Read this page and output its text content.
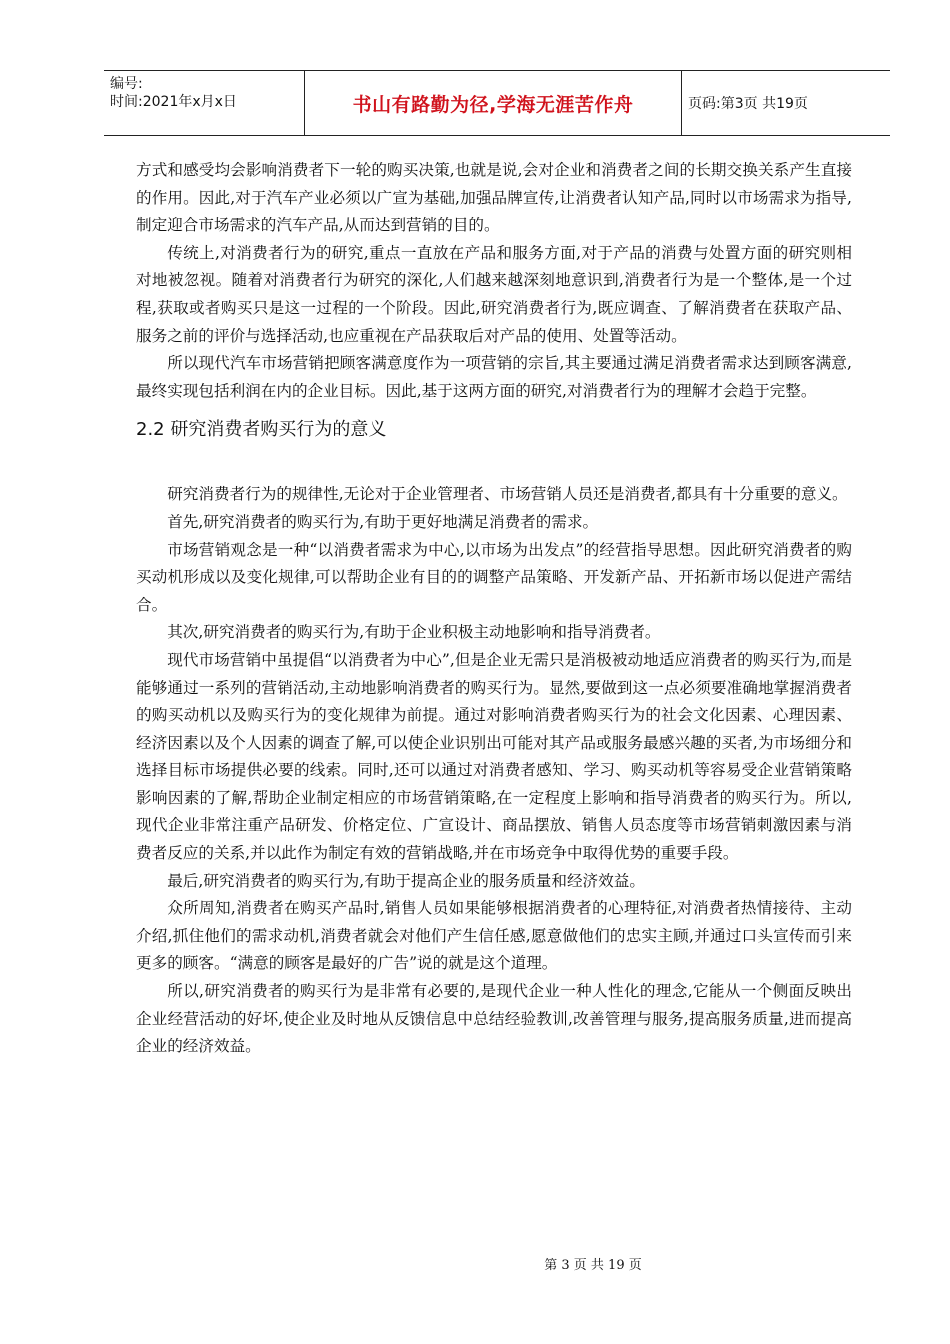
编号:
时间:2021年x月x日	书山有路勤为径,学海无涯苦作舟	页码:第3页 共19页

方式和感受均会影响消费者下一轮的购买决策,也就是说,会对企业和消费者之间的长期交换关系产生直接的作用。因此,对于汽车产业必须以广宣为基础,加强品牌宣传,让消费者认知产品,同时以市场需求为指导,制定迎合市场需求的汽车产品,从而达到营销的目的。

传统上,对消费者行为的研究,重点一直放在产品和服务方面,对于产品的消费与处置方面的研究则相对地被忽视。随着对消费者行为研究的深化,人们越来越深刻地意识到,消费者行为是一个整体,是一个过程,获取或者购买只是这一过程的一个阶段。因此,研究消费者行为,既应调查、了解消费者在获取产品、服务之前的评价与选择活动,也应重视在产品获取后对产品的使用、处置等活动。

所以现代汽车市场营销把顾客满意度作为一项营销的宗旨,其主要通过满足消费者需求达到顾客满意,最终实现包括利润在内的企业目标。因此,基于这两方面的研究,对消费者行为的理解才会趋于完整。

2.2 研究消费者购买行为的意义

研究消费者行为的规律性,无论对于企业管理者、市场营销人员还是消费者,都具有十分重要的意义。

首先,研究消费者的购买行为,有助于更好地满足消费者的需求。

市场营销观念是一种“以消费者需求为中心,以市场为出发点”的经营指导思想。因此研究消费者的购买动机形成以及变化规律,可以帮助企业有目的的调整产品策略、开发新产品、开拓新市场以促进产需结合。

其次,研究消费者的购买行为,有助于企业积极主动地影响和指导消费者。

现代市场营销中虽提倡“以消费者为中心”,但是企业无需只是消极被动地适应消费者的购买行为,而是能够通过一系列的营销活动,主动地影响消费者的购买行为。显然,要做到这一点必须要准确地掌握消费者的购买动机以及购买行为的变化规律为前提。通过对影响消费者购买行为的社会文化因素、心理因素、经济因素以及个人因素的调查了解,可以使企业识别出可能对其产品或服务最感兴趣的买者,为市场细分和选择目标市场提供必要的线索。同时,还可以通过对消费者感知、学习、购买动机等容易受企业营销策略影响因素的了解,帮助企业制定相应的市场营销策略,在一定程度上影响和指导消费者的购买行为。所以,现代企业非常注重产品研发、价格定位、广宣设计、商品摆放、销售人员态度等市场营销刺激因素与消费者反应的关系,并以此作为制定有效的营销战略,并在市场竞争中取得优势的重要手段。

最后,研究消费者的购买行为,有助于提高企业的服务质量和经济效益。

众所周知,消费者在购买产品时,销售人员如果能够根据消费者的心理特征,对消费者热情接待、主动介绍,抓住他们的需求动机,消费者就会对他们产生信任感,愿意做他们的忠实主顾,并通过口头宣传而引来更多的顾客。“满意的顾客是最好的广告”说的就是这个道理。

所以,研究消费者的购买行为是非常有必要的,是现代企业一种人性化的理念,它能从一个侧面反映出企业经营活动的好坏,使企业及时地从反馈信息中总结经验教训,改善管理与服务,提高服务质量,进而提高企业的经济效益。

第 3 页 共 19 页
